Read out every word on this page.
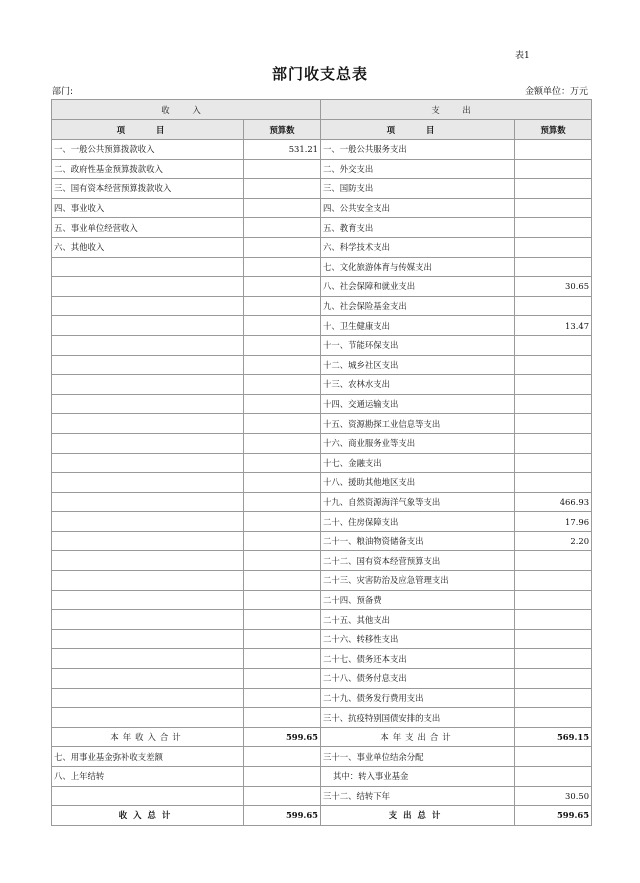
表1
部门收支总表
部门:	金额单位：万元
收 入		支 出	
项 目	预算数	项 目	预算数
一、一般公共预算拨款收入	531.21	一、一般公共服务支出	
二、政府性基金预算拨款收入		二、外交支出	
三、国有资本经营预算拨款收入		三、国防支出	
四、事业收入		四、公共安全支出	
五、事业单位经营收入		五、教育支出	
六、其他收入		六、科学技术支出	
		七、文化旅游体育与传媒支出	
		八、社会保障和就业支出	30.65
		九、社会保险基金支出	
		十、卫生健康支出	13.47
		十一、节能环保支出	
		十二、城乡社区支出	
		十三、农林水支出	
		十四、交通运输支出	
		十五、资源勘探工业信息等支出	
		十六、商业服务业等支出	
		十七、金融支出	
		十八、援助其他地区支出	
		十九、自然资源海洋气象等支出	466.93
		二十、住房保障支出	17.96
		二十一、粮油物资储备支出	2.20
		二十二、国有资本经营预算支出	
		二十三、灾害防治及应急管理支出	
		二十四、预备费	
		二十五、其他支出	
		二十六、转移性支出	
		二十七、债务还本支出	
		二十八、债务付息支出	
		二十九、债务发行费用支出	
		三十、抗疫特别国债安排的支出	
本年收入合计	599.65	本年支出合计	569.15
七、用事业基金弥补收支差额		三十一、事业单位结余分配	
八、上年结转		其中：转入事业基金	
		三十二、结转下年	30.50
收入总计	599.65	支出总计	599.65
